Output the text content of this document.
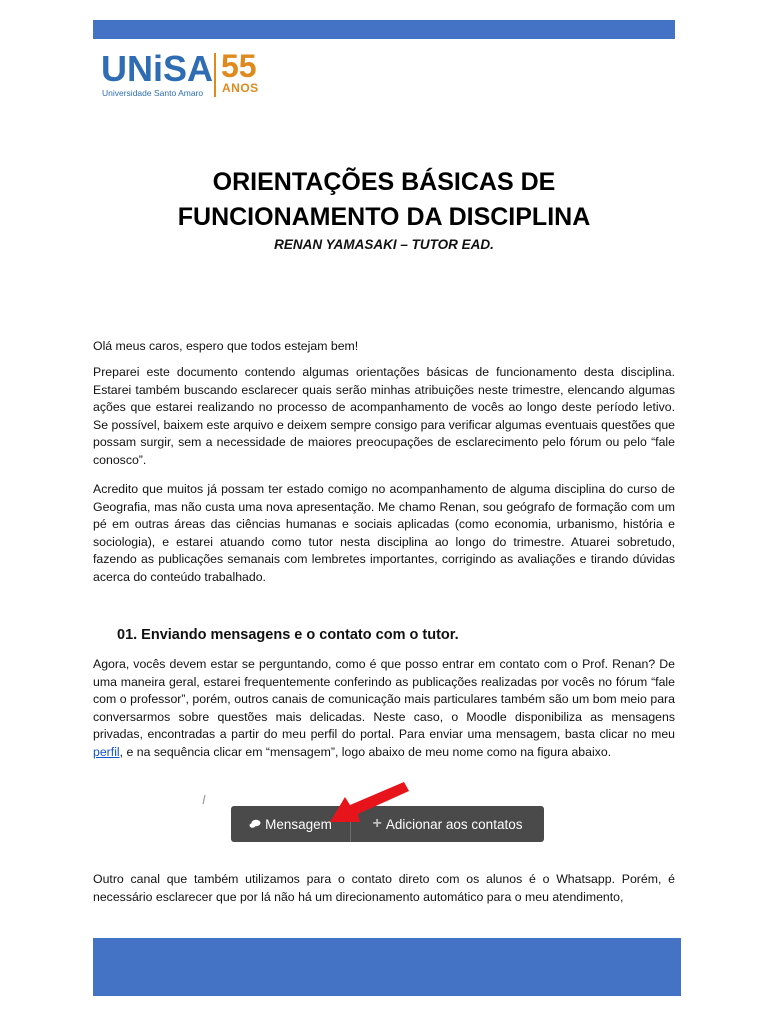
UNiSA
Universidade Santo Amaro
55
ANOS
ORIENTAÇÕES BÁSICAS DE
FUNCIONAMENTO DA DISCIPLINA
RENAN YAMASAKI – TUTOR EAD.

Olá meus caros, espero que todos estejam bem!

Preparei este documento contendo algumas orientações básicas de funcionamento desta disciplina. Estarei também buscando esclarecer quais serão minhas atribuições neste trimestre, elencando algumas ações que estarei realizando no processo de acompanhamento de vocês ao longo deste período letivo. Se possível, baixem este arquivo e deixem sempre consigo para verificar algumas eventuais questões que possam surgir, sem a necessidade de maiores preocupações de esclarecimento pelo fórum ou pelo “fale conosco”.

Acredito que muitos já possam ter estado comigo no acompanhamento de alguma disciplina do curso de Geografia, mas não custa uma nova apresentação. Me chamo Renan, sou geógrafo de formação com um pé em outras áreas das ciências humanas e sociais aplicadas (como economia, urbanismo, história e sociologia), e estarei atuando como tutor nesta disciplina ao longo do trimestre. Atuarei sobretudo, fazendo as publicações semanais com lembretes importantes, corrigindo as avaliações e tirando dúvidas acerca do conteúdo trabalhado.

01. Enviando mensagens e o contato com o tutor.

Agora, vocês devem estar se perguntando, como é que posso entrar em contato com o Prof. Renan? De uma maneira geral, estarei frequentemente conferindo as publicações realizadas por vocês no fórum “fale com o professor”, porém, outros canais de comunicação mais particulares também são um bom meio para conversarmos sobre questões mais delicadas. Neste caso, o Moodle disponibiliza as mensagens privadas, encontradas a partir do meu perfil do portal. Para enviar uma mensagem, basta clicar no meu perfil, e na sequência clicar em “mensagem”, logo abaixo de meu nome como na figura abaixo.

Mensagem	+ Adicionar aos contatos

Outro canal que também utilizamos para o contato direto com os alunos é o Whatsapp. Porém, é necessário esclarecer que por lá não há um direcionamento automático para o meu atendimento,
